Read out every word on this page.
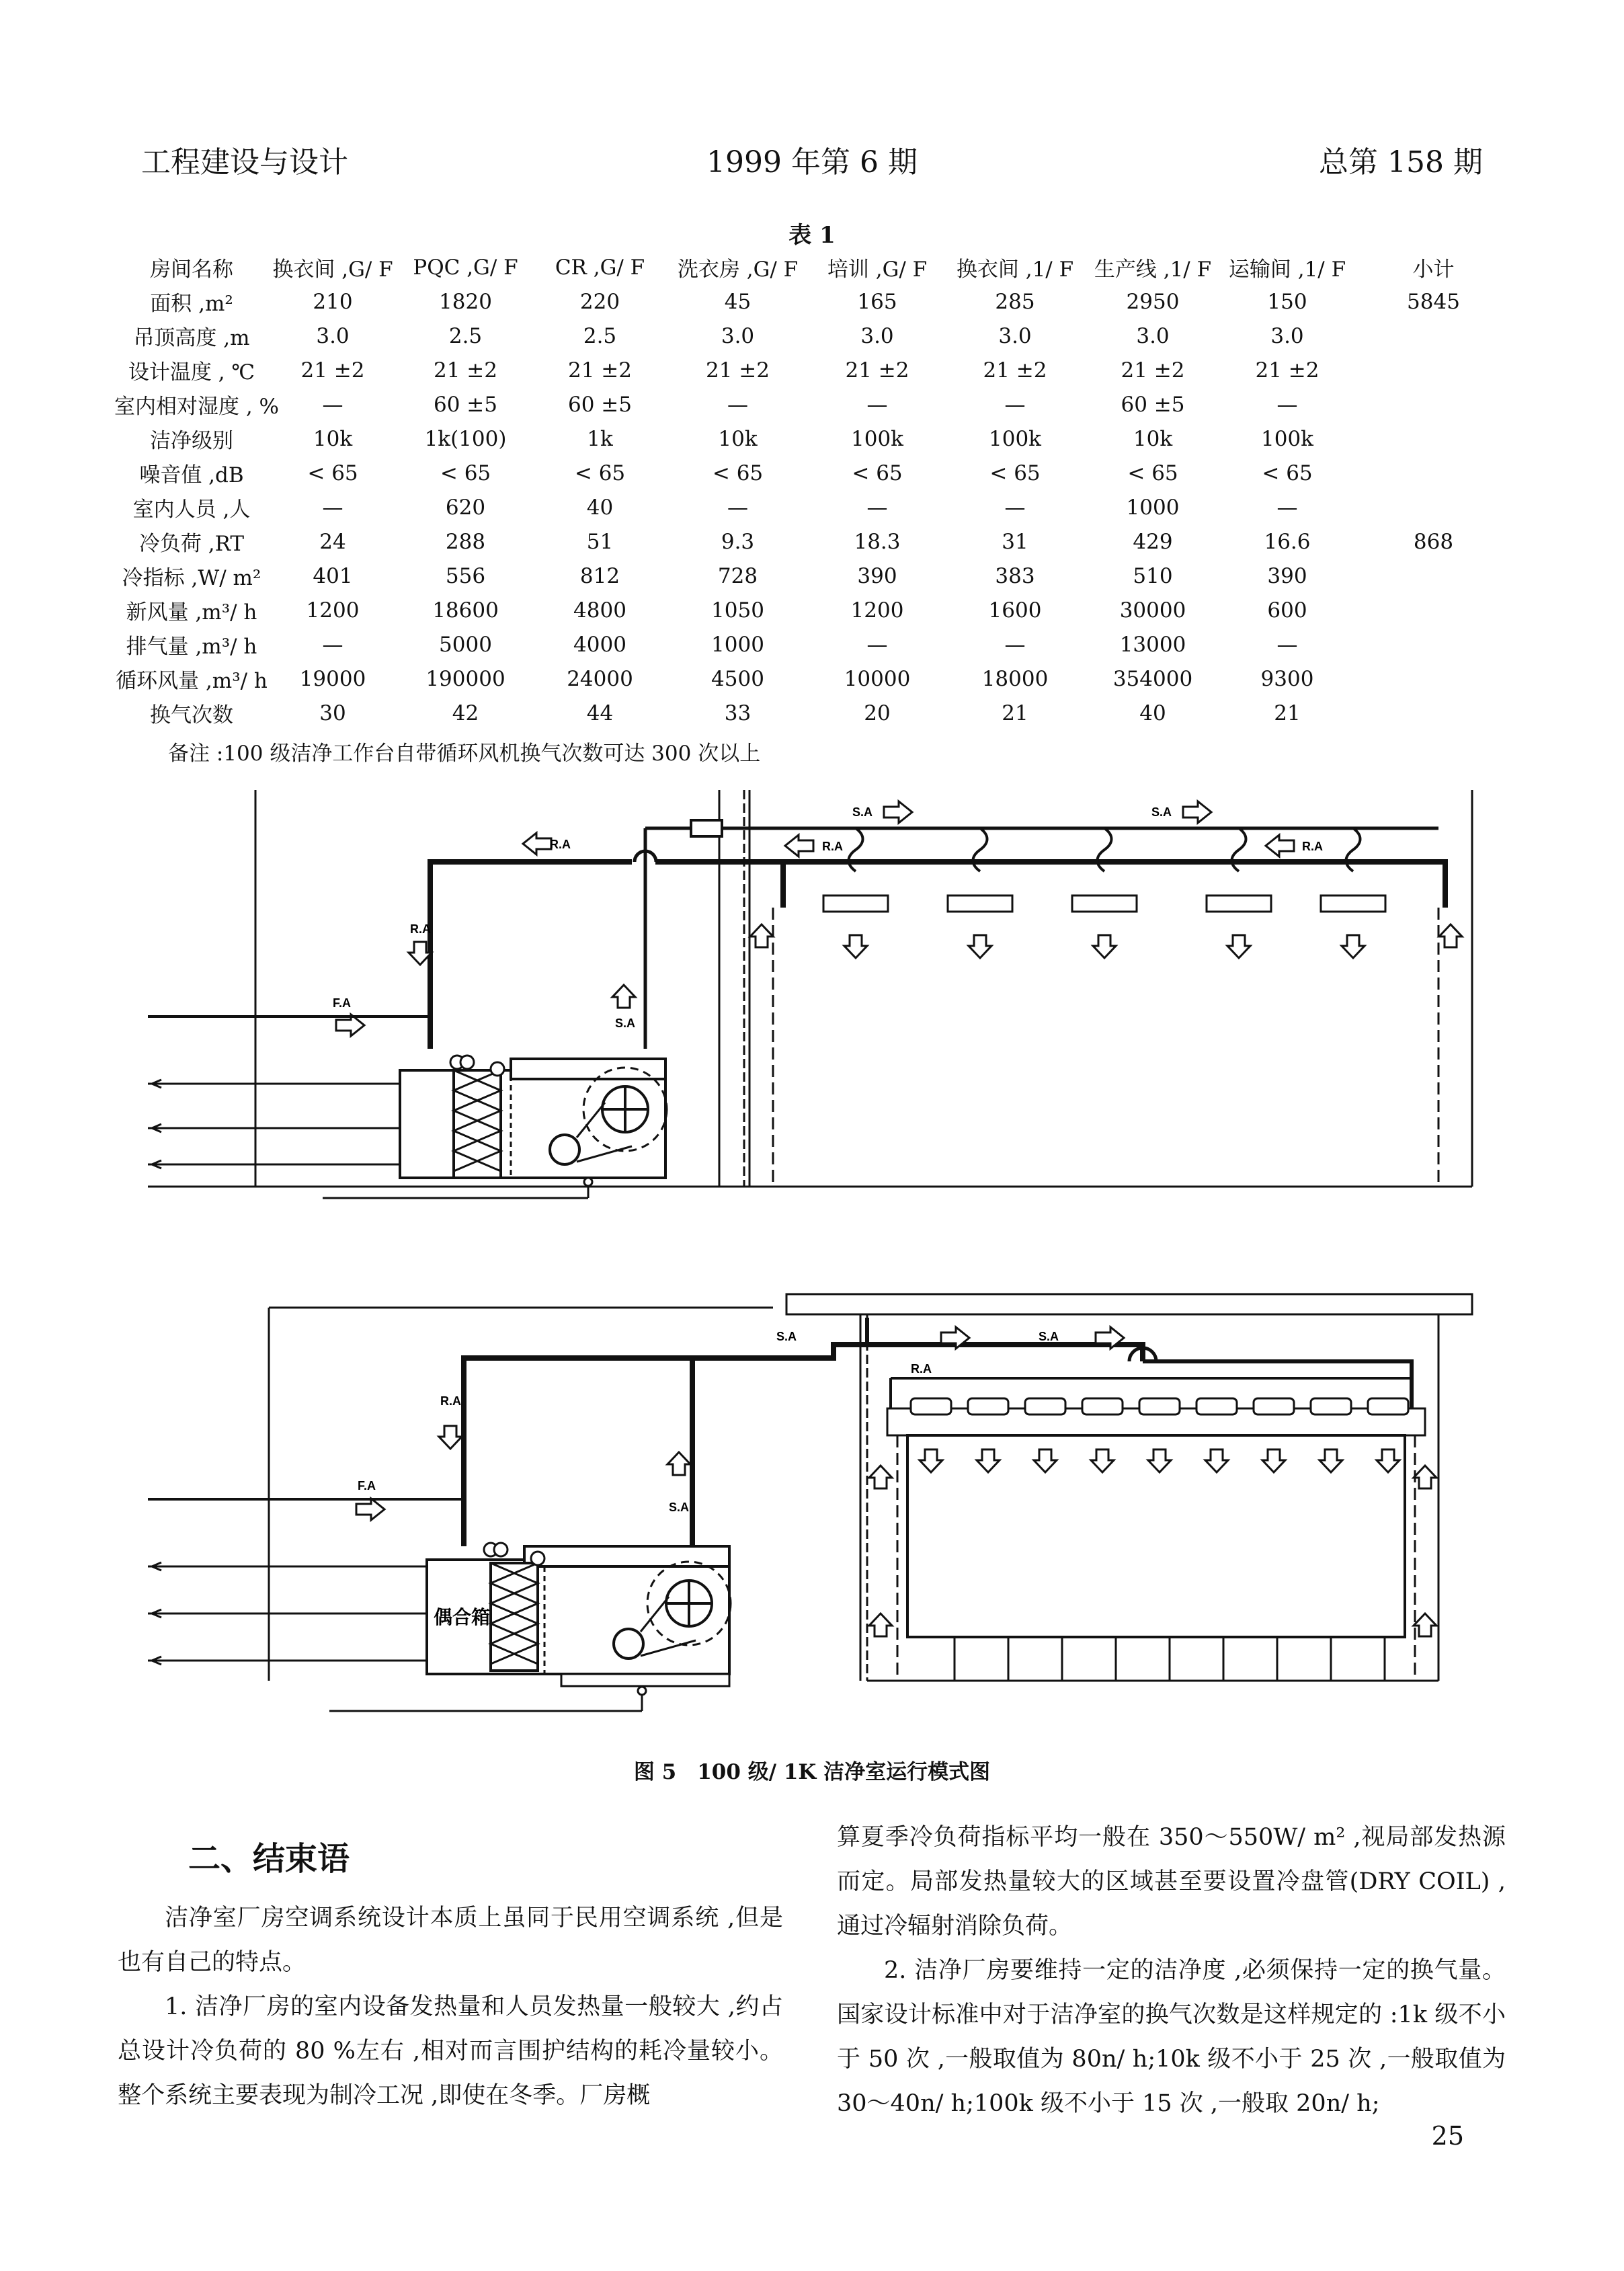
工程建设与设计	1999 年第 6 期	总第 158 期
表 1
房间名称	换衣间 ,G/ F	PQC ,G/ F	CR ,G/ F	洗衣房 ,G/ F	培训 ,G/ F	换衣间 ,1/ F	生产线 ,1/ F	运输间 ,1/ F	小计
面积 ,m²	210	1820	220	45	165	285	2950	150	5845
吊顶高度 ,m	3.0	2.5	2.5	3.0	3.0	3.0	3.0	3.0	
设计温度 , ℃	21 ±2	21 ±2	21 ±2	21 ±2	21 ±2	21 ±2	21 ±2	21 ±2	
室内相对湿度 , %	—	60 ±5	60 ±5	—	—	—	60 ±5	—	
洁净级别	10k	1k(100)	1k	10k	100k	100k	10k	100k	
噪音值 ,dB	< 65	< 65	< 65	< 65	< 65	< 65	< 65	< 65	
室内人员 ,人	—	620	40	—	—	—	1000	—	
冷负荷 ,RT	24	288	51	9.3	18.3	31	429	16.6	868
冷指标 ,W/ m²	401	556	812	728	390	383	510	390	
新风量 ,m³/ h	1200	18600	4800	1050	1200	1600	30000	600	
排气量 ,m³/ h	—	5000	4000	1000	—	—	13000	—	
循环风量 ,m³/ h	19000	190000	24000	4500	10000	18000	354000	9300	
换气次数	30	42	44	33	20	21	40	21	
备注 :100 级洁净工作台自带循环风机换气次数可达 300 次以上
R.A	R.A	R.A
S.A	S.A
R.A
S.A
F.A
S.A	S.A
R.A
R.A
S.A
F.A
偶合箱
图 5　100 级/ 1K 洁净室运行模式图
二、结束语

洁净室厂房空调系统设计本质上虽同于民用空调系统 ,但是也有自己的特点。

1. 洁净厂房的室内设备发热量和人员发热量一般较大 ,约占总设计冷负荷的 80 %左右 ,相对而言围护结构的耗冷量较小。整个系统主要表现为制冷工况 ,即使在冬季。厂房概

算夏季冷负荷指标平均一般在 350～550W/ m² ,视局部发热源而定。局部发热量较大的区域甚至要设置冷盘管(DRY COIL) ,通过冷辐射消除负荷。

2. 洁净厂房要维持一定的洁净度 ,必须保持一定的换气量。国家设计标准中对于洁净室的换气次数是这样规定的 :1k 级不小于 50 次 ,一般取值为 80n/ h;10k 级不小于 25 次 ,一般取值为 30～40n/ h;100k 级不小于 15 次 ,一般取 20n/ h;

25
